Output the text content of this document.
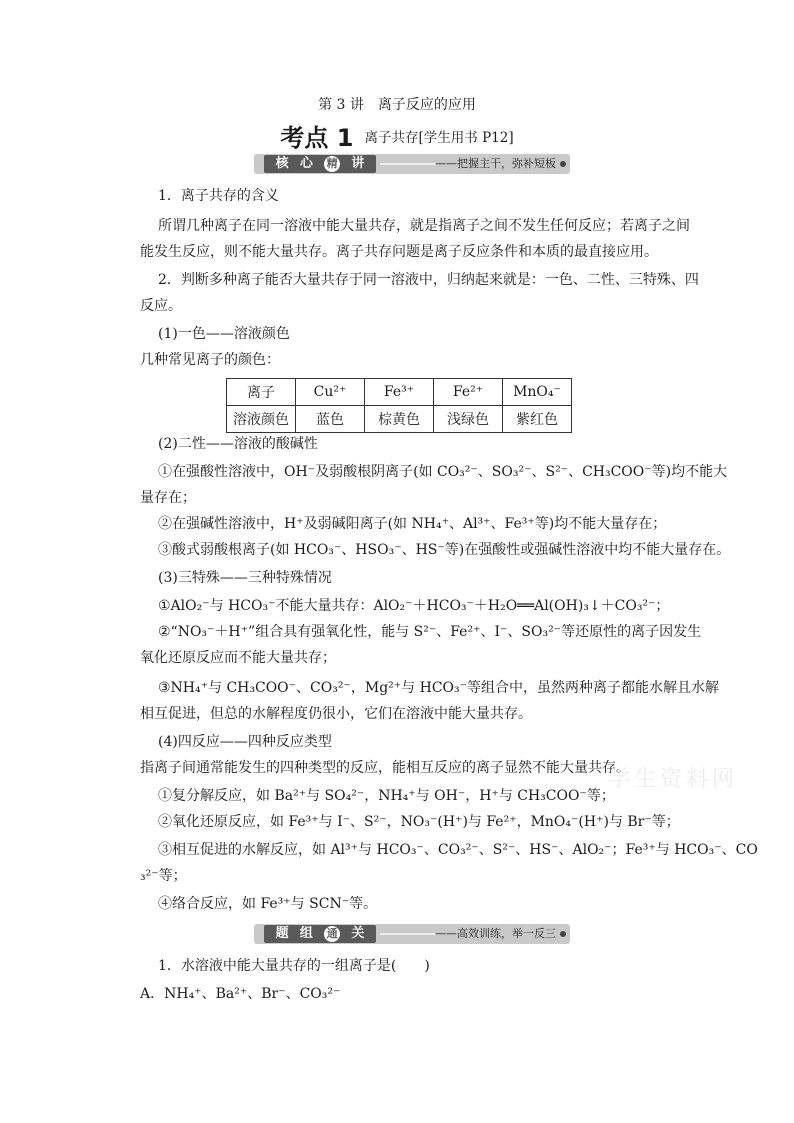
第 3 讲　离子反应的应用
考点 1 离子共存[学生用书 P12]
核 心 精 讲	——把握主干，弥补短板
1．离子共存的含义
所谓几种离子在同一溶液中能大量共存，就是指离子之间不发生任何反应；若离子之间
能发生反应，则不能大量共存。离子共存问题是离子反应条件和本质的最直接应用。
2．判断多种离子能否大量共存于同一溶液中，归纳起来就是：一色、二性、三特殊、四
反应。
(1)一色——溶液颜色
几种常见离子的颜色：
离子	Cu²⁺	Fe³⁺	Fe²⁺	MnO₄⁻
溶液颜色	蓝色	棕黄色	浅绿色	紫红色
(2)二性——溶液的酸碱性
①在强酸性溶液中，OH⁻及弱酸根阴离子(如 CO₃²⁻、SO₃²⁻、S²⁻、CH₃COO⁻等)均不能大
量存在；
②在强碱性溶液中，H⁺及弱碱阳离子(如 NH₄⁺、Al³⁺、Fe³⁺等)均不能大量存在；
③酸式弱酸根离子(如 HCO₃⁻、HSO₃⁻、HS⁻等)在强酸性或强碱性溶液中均不能大量存在。
(3)三特殊——三种特殊情况
①AlO₂⁻与 HCO₃⁻不能大量共存：AlO₂⁻＋HCO₃⁻＋H₂O══Al(OH)₃↓＋CO₃²⁻；
②“NO₃⁻＋H⁺”组合具有强氧化性，能与 S²⁻、Fe²⁺、I⁻、SO₃²⁻等还原性的离子因发生
氧化还原反应而不能大量共存；
③NH₄⁺与 CH₃COO⁻、CO₃²⁻，Mg²⁺与 HCO₃⁻等组合中，虽然两种离子都能水解且水解
相互促进，但总的水解程度仍很小，它们在溶液中能大量共存。
(4)四反应——四种反应类型
指离子间通常能发生的四种类型的反应，能相互反应的离子显然不能大量共存。
①复分解反应，如 Ba²⁺与 SO₄²⁻，NH₄⁺与 OH⁻，H⁺与 CH₃COO⁻等；
②氧化还原反应，如 Fe³⁺与 I⁻、S²⁻，NO₃⁻(H⁺)与 Fe²⁺，MnO₄⁻(H⁺)与 Br⁻等；
③相互促进的水解反应，如 Al³⁺与 HCO₃⁻、CO₃²⁻、S²⁻、HS⁻、AlO₂⁻；Fe³⁺与 HCO₃⁻、CO
₃²⁻等；
④络合反应，如 Fe³⁺与 SCN⁻等。
学生资料网
题 组 通 关	——高效训练，举一反三
1．水溶液中能大量共存的一组离子是(　　)
A．NH₄⁺、Ba²⁺、Br⁻、CO₃²⁻
